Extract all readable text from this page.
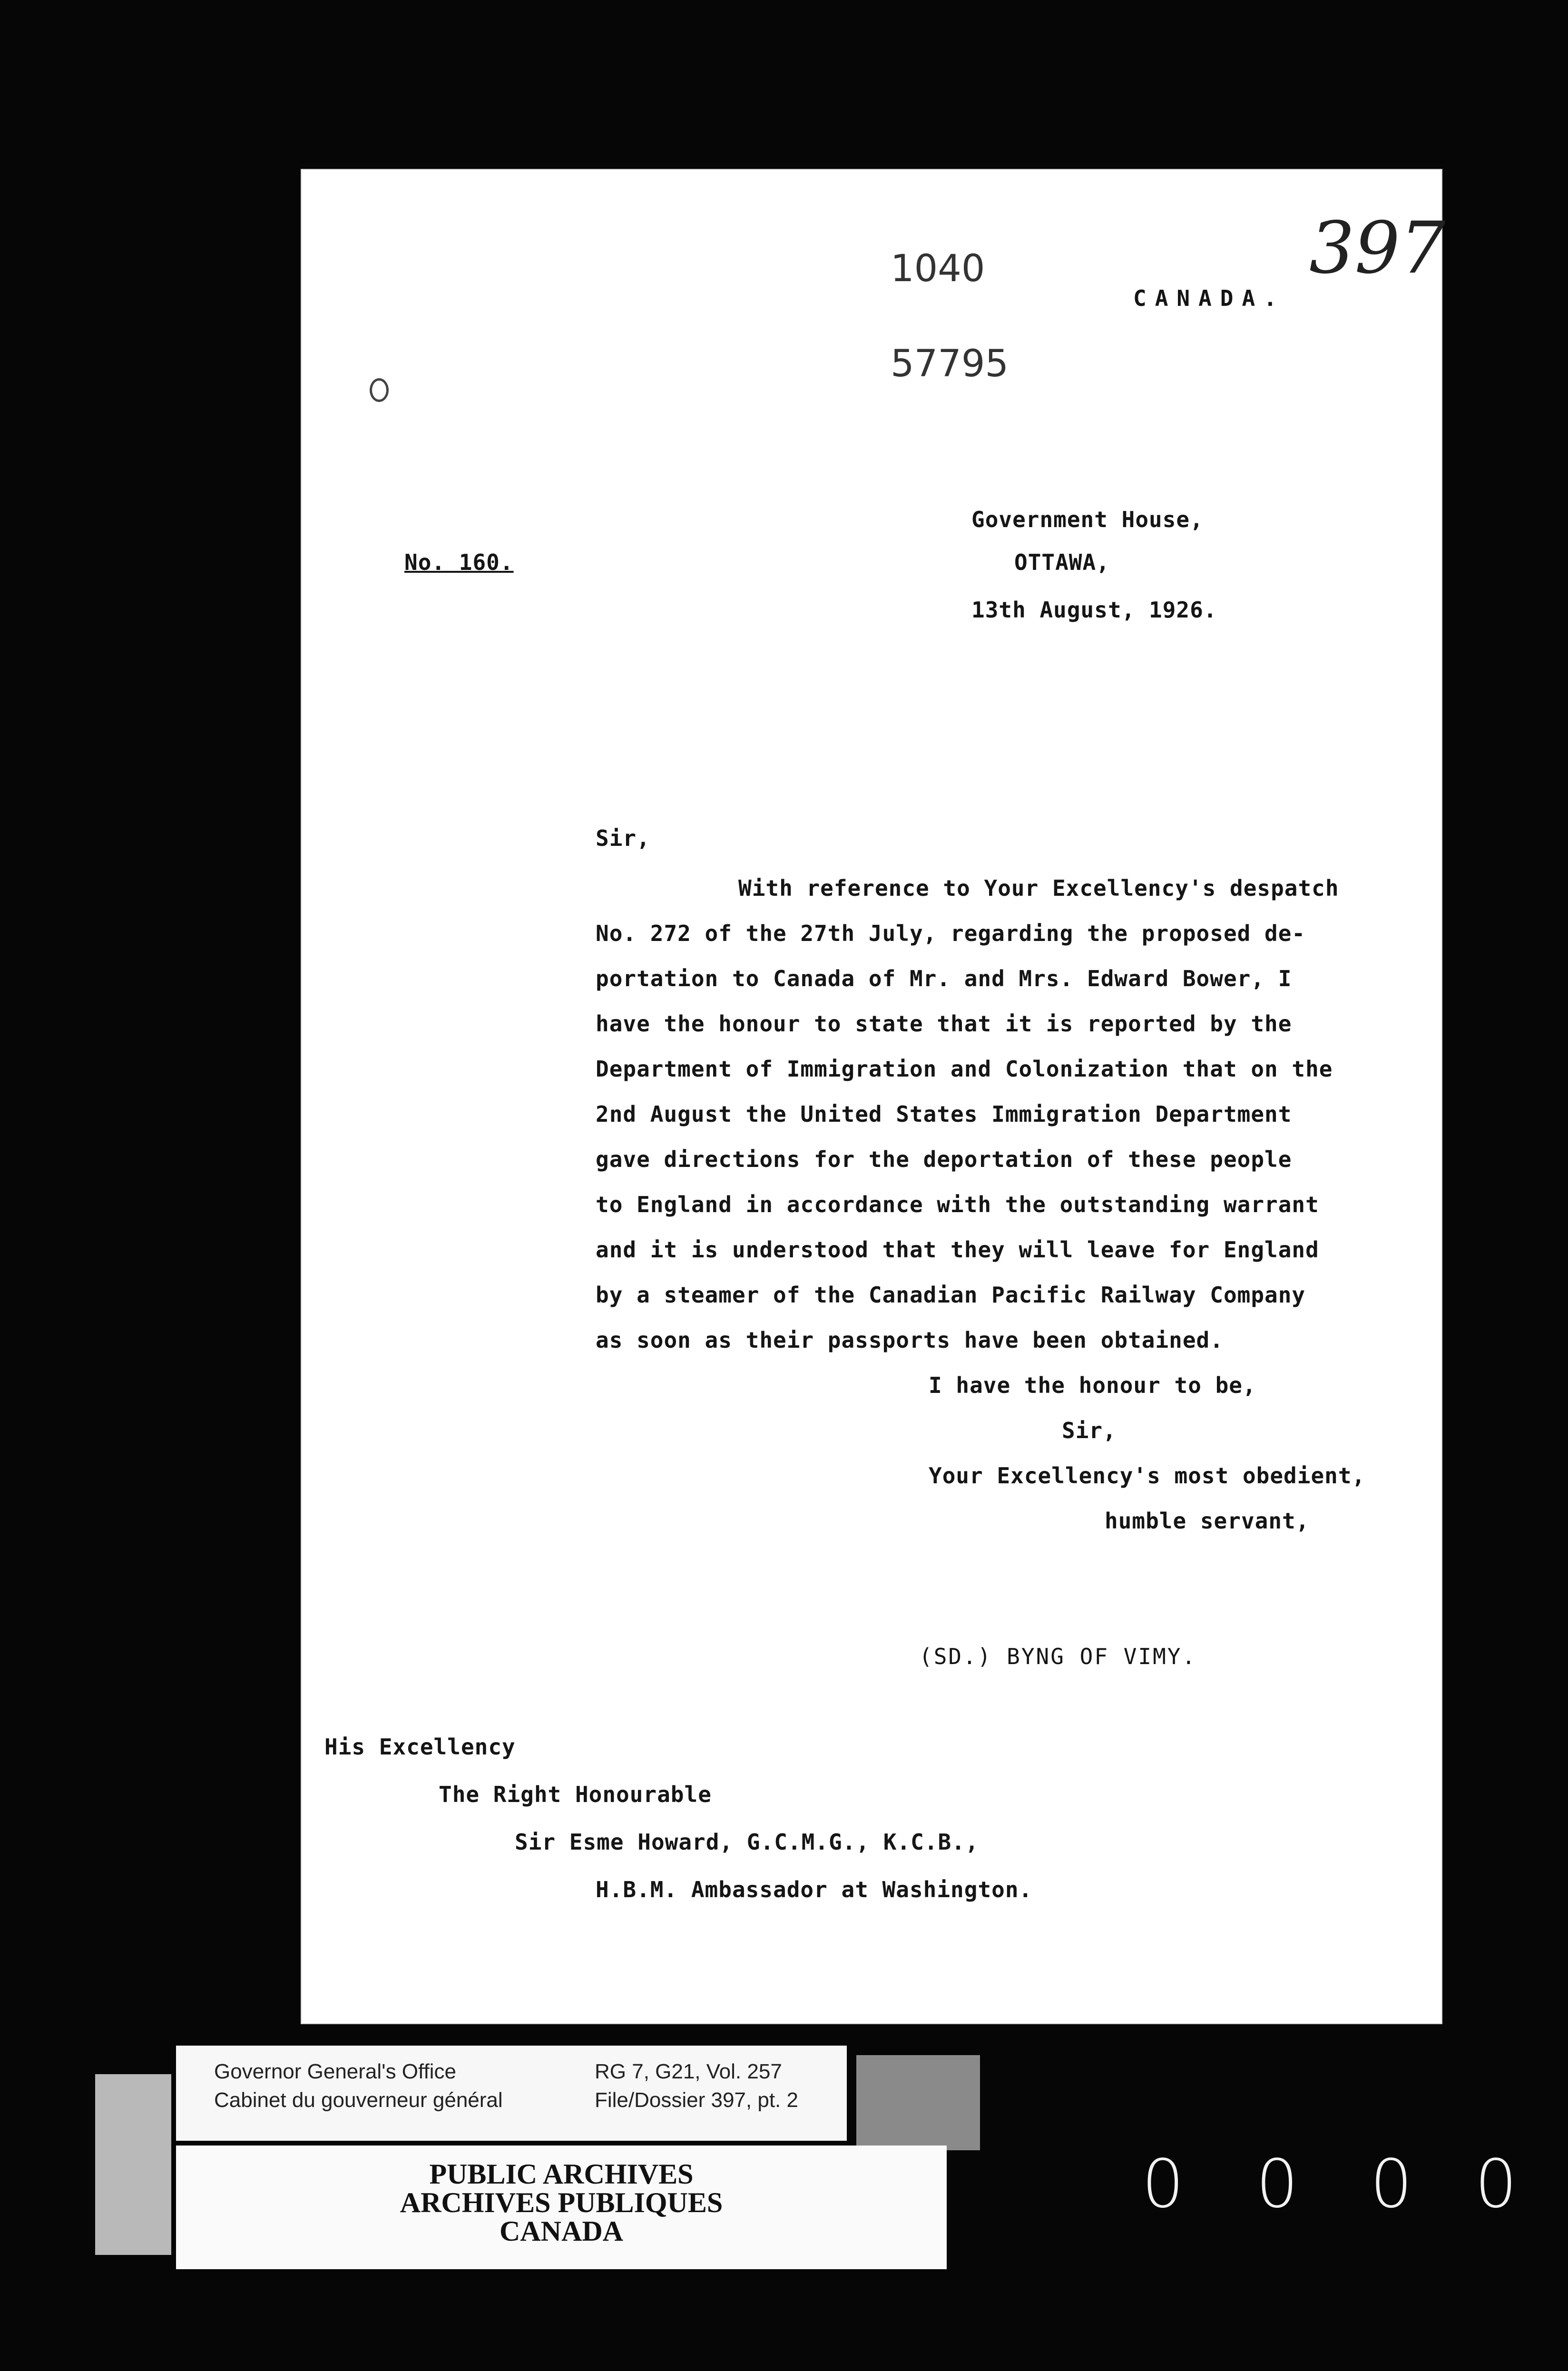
397
1040
57795
CANADA.
No. 160.
Government House,
OTTAWA,
13th August, 1926.
Sir,
With reference to Your Excellency's despatch
No. 272 of the 27th July, regarding the proposed de-
portation to Canada of Mr. and Mrs. Edward Bower, I
have the honour to state that it is reported by the
Department of Immigration and Colonization that on the
2nd August the United States Immigration Department
gave directions for the deportation of these people
to England in accordance with the outstanding warrant
and it is understood that they will leave for England
by a steamer of the Canadian Pacific Railway Company
as soon as their passports have been obtained.
I have the honour to be,
Sir,
Your Excellency's most obedient,
humble servant,
(SD.) BYNG OF VIMY.
His Excellency
The Right Honourable
Sir Esme Howard, G.C.M.G., K.C.B.,
H.B.M. Ambassador at Washington.
Governor General's Office
Cabinet du gouverneur général
RG 7, G21, Vol. 257
File/Dossier 397, pt. 2
PUBLIC ARCHIVES
ARCHIVES PUBLIQUES
CANADA
0 0 0 0
